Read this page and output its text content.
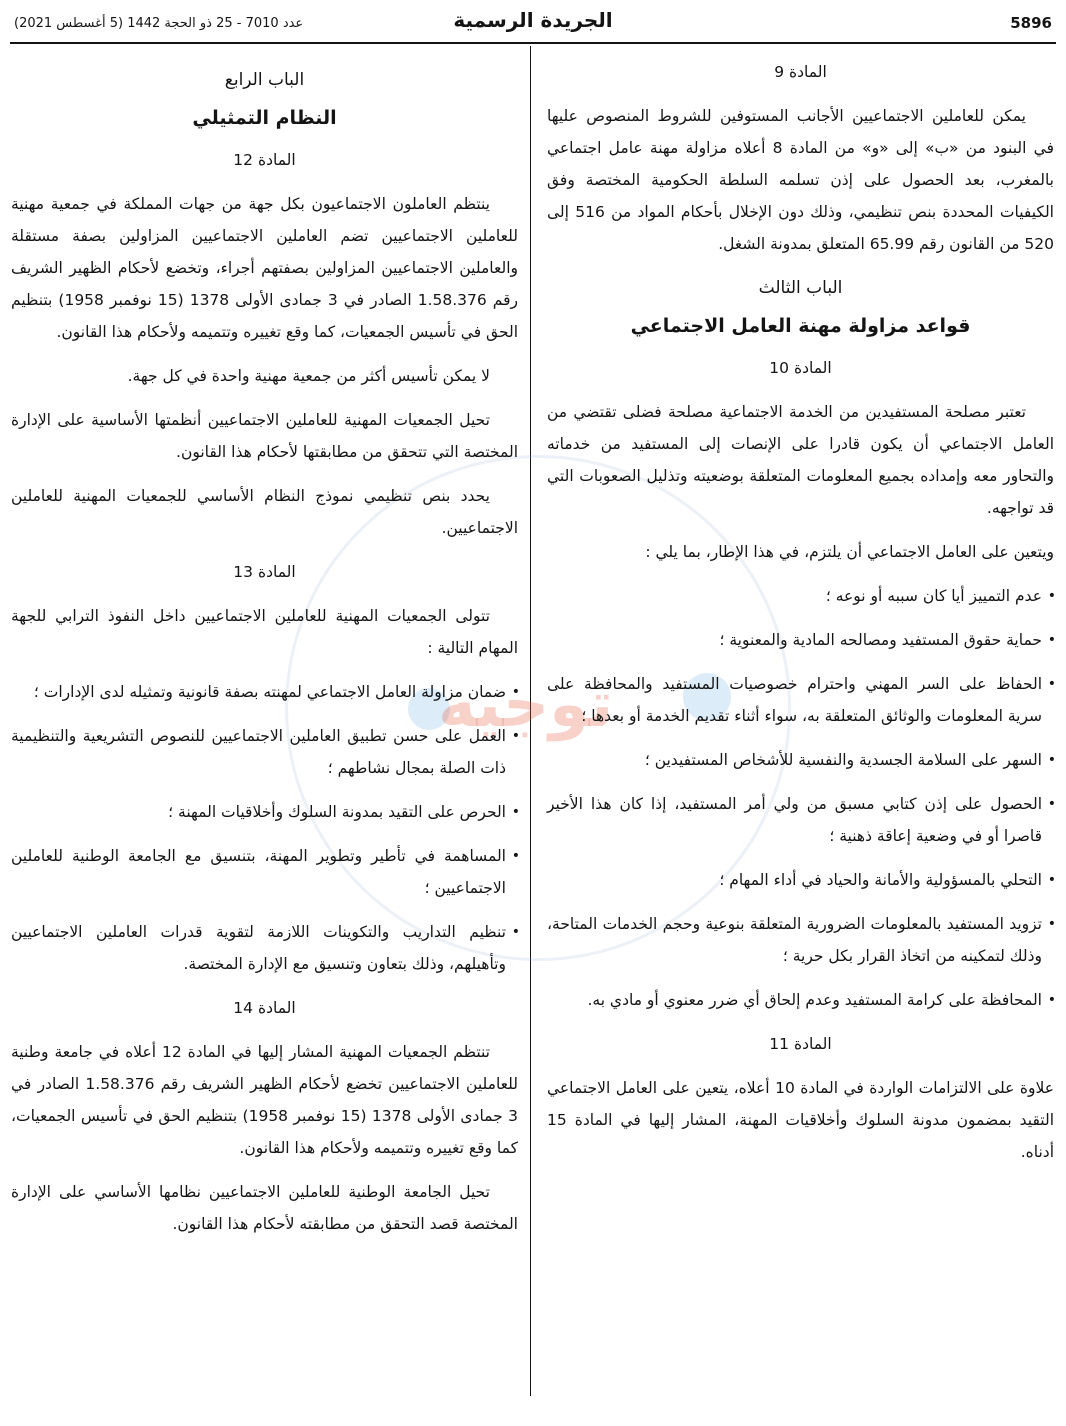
5896
الجريدة الرسمية
عدد 7010 - 25 ذو الحجة 1442 (5 أغسطس 2021)
توجيه
المادة 9

يمكن للعاملين الاجتماعيين الأجانب المستوفين للشروط المنصوص عليها في البنود من «ب» إلى «و» من المادة 8 أعلاه مزاولة مهنة عامل اجتماعي بالمغرب، بعد الحصول على إذن تسلمه السلطة الحكومية المختصة وفق الكيفيات المحددة بنص تنظيمي، وذلك دون الإخلال بأحكام المواد من 516 إلى 520 من القانون رقم 65.99 المتعلق بمدونة الشغل.

الباب الثالث
قواعد مزاولة مهنة العامل الاجتماعي
المادة 10

تعتبر مصلحة المستفيدين من الخدمة الاجتماعية مصلحة فضلى تقتضي من العامل الاجتماعي أن يكون قادرا على الإنصات إلى المستفيد من خدماته والتحاور معه وإمداده بجميع المعلومات المتعلقة بوضعيته وتذليل الصعوبات التي قد تواجهه.

ويتعين على العامل الاجتماعي أن يلتزم، في هذا الإطار، بما يلي :

• عدم التمييز أيا كان سببه أو نوعه ؛
• حماية حقوق المستفيد ومصالحه المادية والمعنوية ؛
• الحفاظ على السر المهني واحترام خصوصيات المستفيد والمحافظة على سرية المعلومات والوثائق المتعلقة به، سواء أثناء تقديم الخدمة أو بعدها ؛
• السهر على السلامة الجسدية والنفسية للأشخاص المستفيدين ؛
• الحصول على إذن كتابي مسبق من ولي أمر المستفيد، إذا كان هذا الأخير قاصرا أو في وضعية إعاقة ذهنية ؛
• التحلي بالمسؤولية والأمانة والحياد في أداء المهام ؛
• تزويد المستفيد بالمعلومات الضرورية المتعلقة بنوعية وحجم الخدمات المتاحة، وذلك لتمكينه من اتخاذ القرار بكل حرية ؛
• المحافظة على كرامة المستفيد وعدم إلحاق أي ضرر معنوي أو مادي به.
المادة 11

علاوة على الالتزامات الواردة في المادة 10 أعلاه، يتعين على العامل الاجتماعي التقيد بمضمون مدونة السلوك وأخلاقيات المهنة، المشار إليها في المادة 15 أدناه.

الباب الرابع
النظام التمثيلي
المادة 12

ينتظم العاملون الاجتماعيون بكل جهة من جهات المملكة في جمعية مهنية للعاملين الاجتماعيين تضم العاملين الاجتماعيين المزاولين بصفة مستقلة والعاملين الاجتماعيين المزاولين بصفتهم أجراء، وتخضع لأحكام الظهير الشريف رقم 1.58.376 الصادر في 3 جمادى الأولى 1378 (15 نوفمبر 1958) بتنظيم الحق في تأسيس الجمعيات، كما وقع تغييره وتتميمه ولأحكام هذا القانون.

لا يمكن تأسيس أكثر من جمعية مهنية واحدة في كل جهة.

تحيل الجمعيات المهنية للعاملين الاجتماعيين أنظمتها الأساسية على الإدارة المختصة التي تتحقق من مطابقتها لأحكام هذا القانون.

يحدد بنص تنظيمي نموذج النظام الأساسي للجمعيات المهنية للعاملين الاجتماعيين.

المادة 13

تتولى الجمعيات المهنية للعاملين الاجتماعيين داخل النفوذ الترابي للجهة المهام التالية :

• ضمان مزاولة العامل الاجتماعي لمهنته بصفة قانونية وتمثيله لدى الإدارات ؛
• العمل على حسن تطبيق العاملين الاجتماعيين للنصوص التشريعية والتنظيمية ذات الصلة بمجال نشاطهم ؛
• الحرص على التقيد بمدونة السلوك وأخلاقيات المهنة ؛
• المساهمة في تأطير وتطوير المهنة، بتنسيق مع الجامعة الوطنية للعاملين الاجتماعيين ؛
• تنظيم التداريب والتكوينات اللازمة لتقوية قدرات العاملين الاجتماعيين وتأهيلهم، وذلك بتعاون وتنسيق مع الإدارة المختصة.
المادة 14

تنتظم الجمعيات المهنية المشار إليها في المادة 12 أعلاه في جامعة وطنية للعاملين الاجتماعيين تخضع لأحكام الظهير الشريف رقم 1.58.376 الصادر في 3 جمادى الأولى 1378 (15 نوفمبر 1958) بتنظيم الحق في تأسيس الجمعيات، كما وقع تغييره وتتميمه ولأحكام هذا القانون.

تحيل الجامعة الوطنية للعاملين الاجتماعيين نظامها الأساسي على الإدارة المختصة قصد التحقق من مطابقته لأحكام هذا القانون.
